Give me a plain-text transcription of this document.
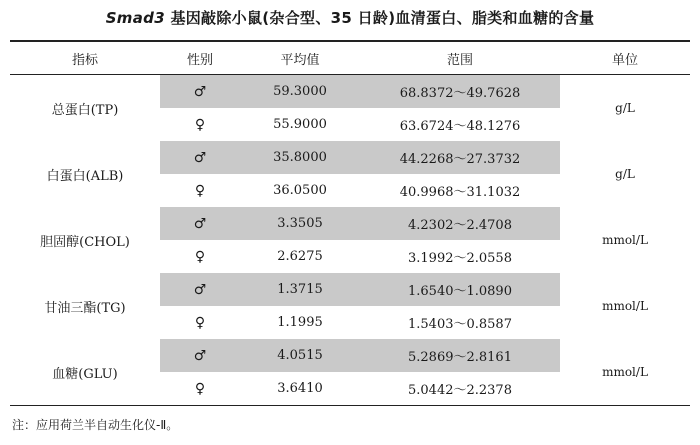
Smad3 基因敲除小鼠(杂合型、35 日龄)血清蛋白、脂类和血糖的含量
指标	性别	平均值	范围	单位
总蛋白(TP)	♂	59.3000	68.8372～49.7628	g/L
	♀	55.9000	63.6724～48.1276	
白蛋白(ALB)	♂	35.8000	44.2268～27.3732	g/L
	♀	36.0500	40.9968～31.1032	
胆固醇(CHOL)	♂	3.3505	4.2302～2.4708	mmol/L
	♀	2.6275	3.1992～2.0558	
甘油三酯(TG)	♂	1.3715	1.6540～1.0890	mmol/L
	♀	1.1995	1.5403～0.8587	
血糖(GLU)	♂	4.0515	5.2869～2.8161	mmol/L
	♀	3.6410	5.0442～2.2378	
注：应用荷兰半自动生化仪-Ⅱ。
